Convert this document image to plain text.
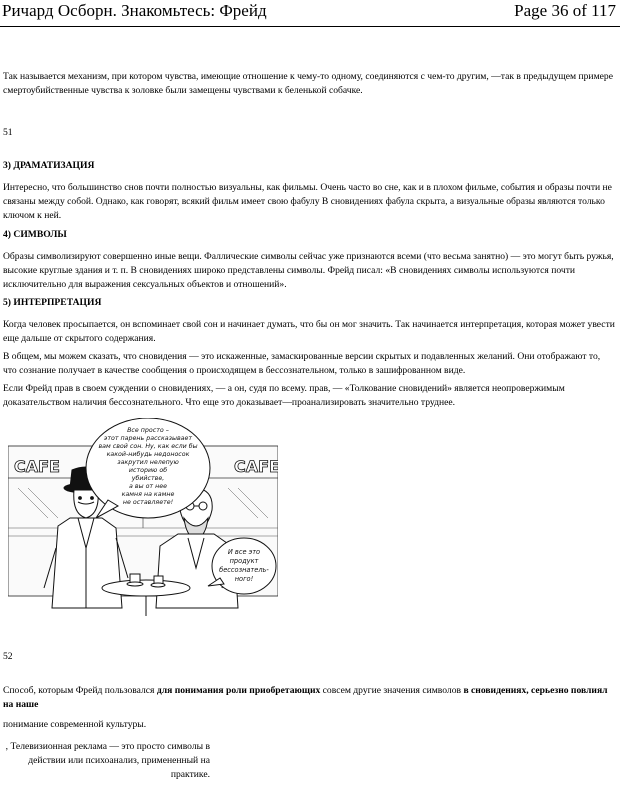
Ричард Осборн. Знакомьтесь: Фрейд	Page 36 of 117
Так называется механизм, при котором чувства, имеющие отношение к чему-то одному, соединяются с чем-то другим, —так в предыдущем примере смертоубийственные чувства к золовке были замещены чувствами к беленькой собачке.
51
3) ДРАМАТИЗАЦИЯ
Интересно, что большинство снов почти полностью визуальны, как фильмы. Очень часто во сне, как и в плохом фильме, события и образы почти не связаны между собой. Однако, как говорят, всякий фильм имеет свою фабулу В сновидениях фабула скрыта, а визуальные образы являются только ключом к ней.
4) СИМВОЛЫ
Образы символизируют совершенно иные вещи. Фаллические символы сейчас уже признаются всеми (что весьма занятно) — это могут быть ружья, высокие круглые здания и т. п. В сновидениях широко представлены символы. Фрейд писал: «В сновидениях символы используются почти исключительно для выражения сексуальных объектов и отношений».
5) ИНТЕРПРЕТАЦИЯ
Когда человек просыпается, он вспоминает свой сон и начинает думать, что бы он мог значить. Так начинается интерпретация, которая может увести еще дальше от скрытого содержания.
В общем, мы можем сказать, что сновидения — это искаженные, замаскированные версии скрытых и подавленных желаний. Они отображают то, что сознание получает в качестве сообщения о происходящем в бессознательном, только в зашифрованном виде.
Если Фрейд прав в своем суждении о сновидениях, — а он, судя по всему. прав, — «Толкование сновидений» является неопровержимым доказательством наличия бессознательного. Что еще это доказывает—проанализировать значительно труднее.
CAFE	CAFE
Все просто –
этот парень рассказывает
вам свой сон. Ну, как если бы
какой-нибудь недоносок
закрутил нелепую
историю об
убийстве,
а вы от нее
камня на камне
не оставляете!
И все это
продукт
бессознатель-
ного!
52
Способ, которым Фрейд пользовался для понимания роли приобретающих совсем другие значения символов в сновидениях, серьезно повлиял на наше
понимание современной культуры.
, Телевизионная реклама — это просто символы в действии или психоанализ, примененный на практике.
